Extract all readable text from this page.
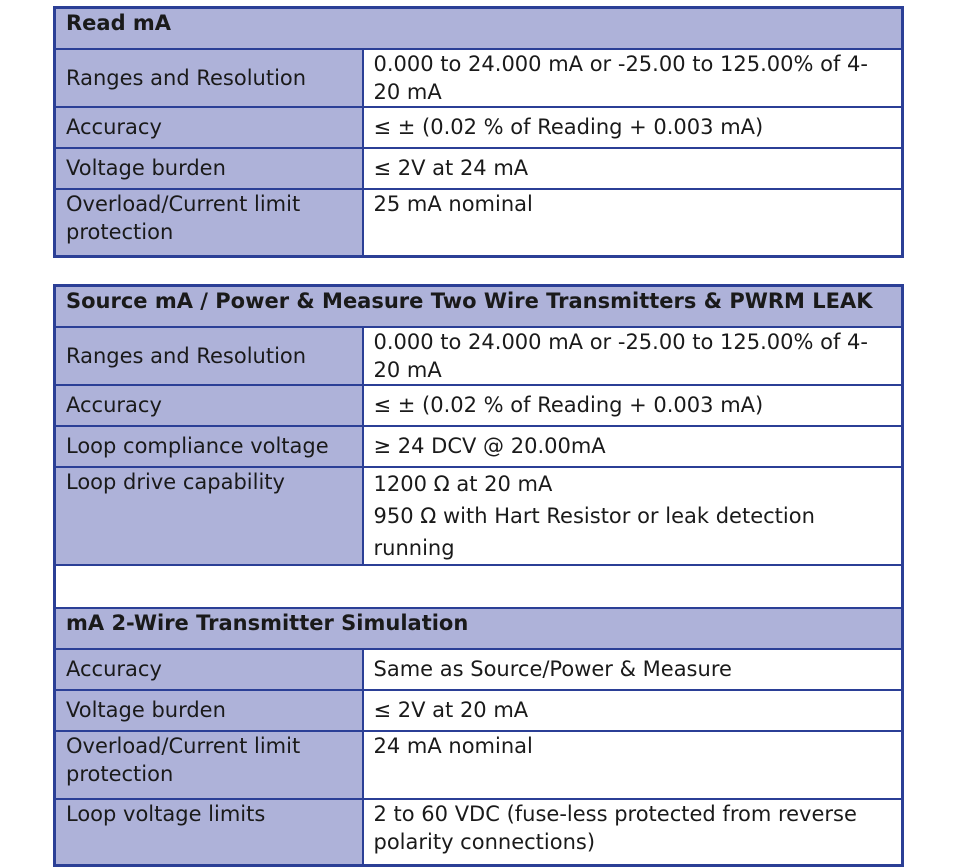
Read mA	
Ranges and Resolution	0.000 to 24.000 mA or -25.00 to 125.00% of 4-20 mA
Accuracy	≤ ± (0.02 % of Reading + 0.003 mA)
Voltage burden	≤ 2V at 24 mA
Overload/Current limit protection	25 mA nominal
Source mA / Power & Measure Two Wire Transmitters & PWRM LEAK	
Ranges and Resolution	0.000 to 24.000 mA or -25.00 to 125.00% of 4-20 mA
Accuracy	≤ ± (0.02 % of Reading + 0.003 mA)
Loop compliance voltage	≥ 24 DCV @ 20.00mA
Loop drive capability	1200 Ω at 20 mA
950 Ω with Hart Resistor or leak detection running

mA 2-Wire Transmitter Simulation	
Accuracy	Same as Source/Power & Measure
Voltage burden	≤ 2V at 20 mA
Overload/Current limit protection	24 mA nominal
Loop voltage limits	2 to 60 VDC (fuse-less protected from reverse polarity connections)
